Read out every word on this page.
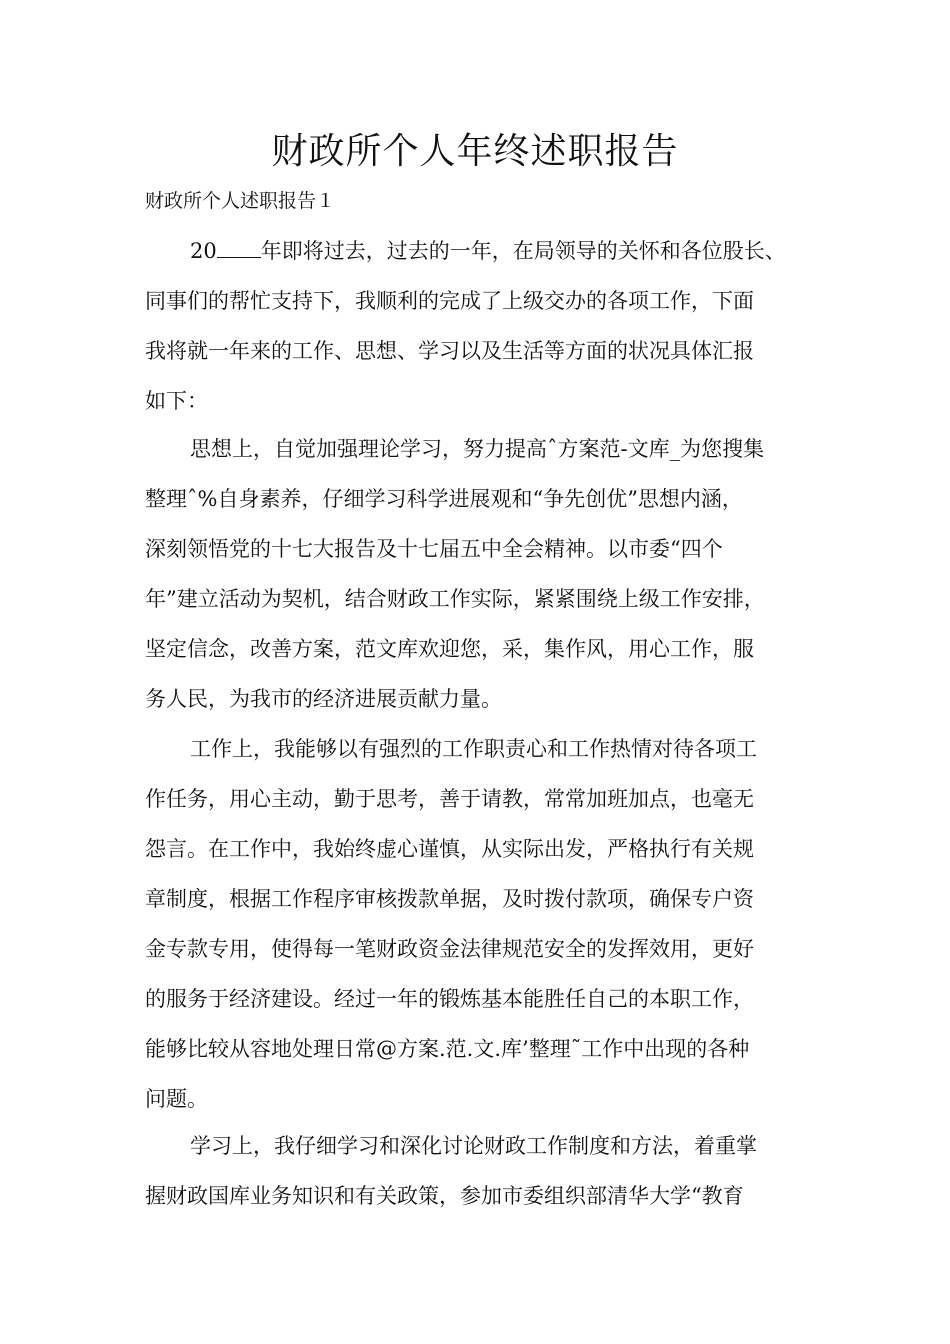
财政所个人年终述职报告

财政所个人述职报告１

20 年即将过去，过去的一年，在局领导的关怀和各位股长、
同事们的帮忙支持下，我顺利的完成了上级交办的各项工作，下面
我将就一年来的工作、思想、学习以及生活等方面的状况具体汇报
如下：

思想上，自觉加强理论学习，努力提高ˆ方案范-文库_为您搜集
整理ˆ%自身素养，仔细学习科学进展观和“争先创优”思想内涵，
深刻领悟党的十七大报告及十七届五中全会精神。以市委“四个
年”建立活动为契机，结合财政工作实际，紧紧围绕上级工作安排，
坚定信念，改善方案，范文库欢迎您，采，集作风，用心工作，服
务人民，为我市的经济进展贡献力量。

工作上，我能够以有强烈的工作职责心和工作热情对待各项工
作任务，用心主动，勤于思考，善于请教，常常加班加点，也毫无
怨言。在工作中，我始终虚心谨慎，从实际出发，严格执行有关规
章制度，根据工作程序审核拨款单据，及时拨付款项，确保专户资
金专款专用，使得每一笔财政资金法律规范安全的发挥效用，更好
的服务于经济建设。经过一年的锻炼基本能胜任自己的本职工作，
能够比较从容地处理日常@方案.范.文.库’整理˜工作中出现的各种
问题。

学习上，我仔细学习和深化讨论财政工作制度和方法，着重掌
握财政国库业务知识和有关政策，参加市委组织部清华大学“教育
